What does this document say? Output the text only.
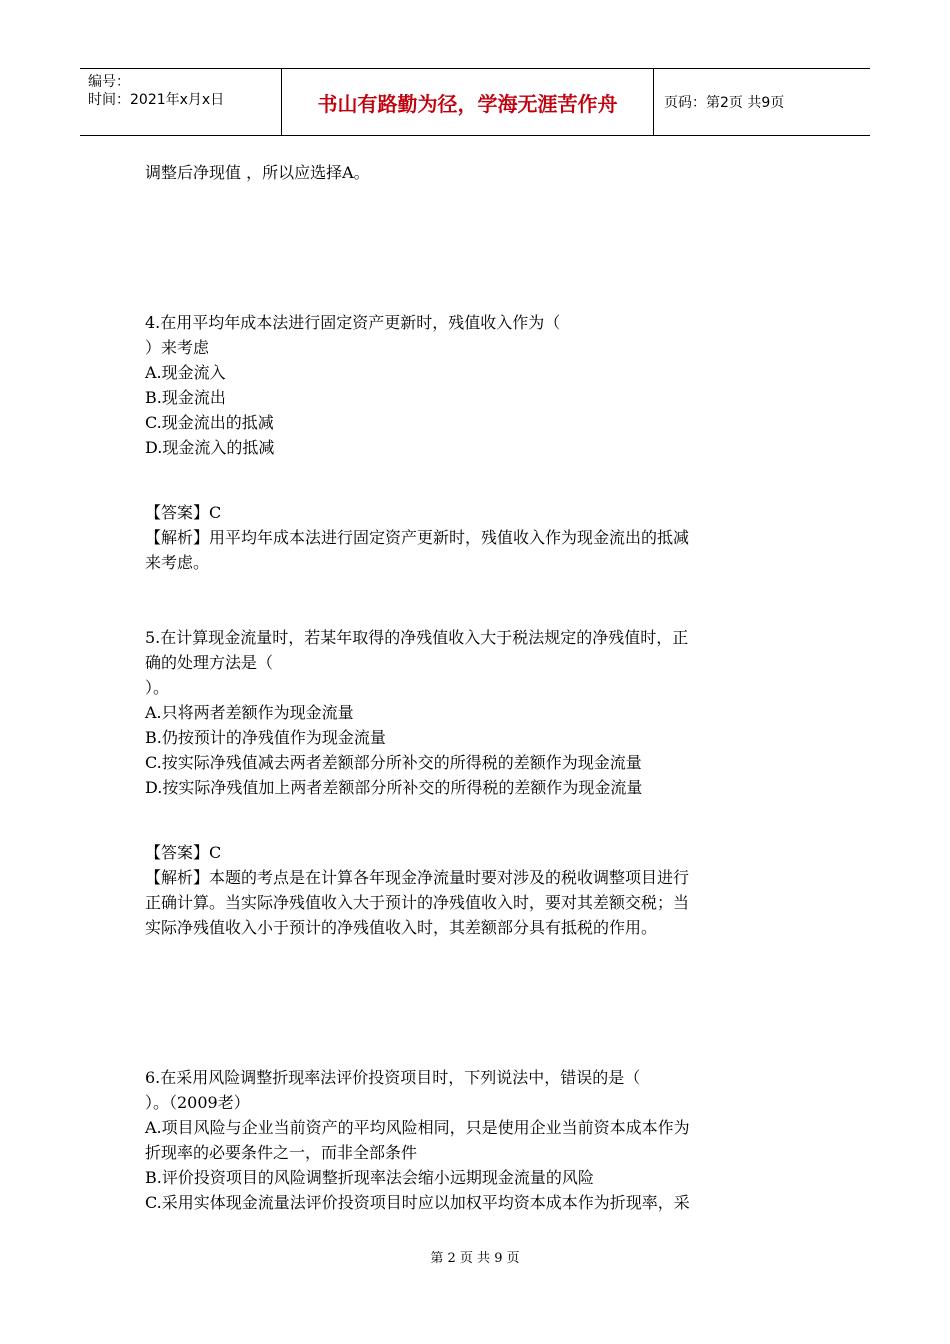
编号：
时间：2021年x月x日	书山有路勤为径，学海无涯苦作舟	页码：第2页 共9页
调整后净现值 ，所以应选择A。
4.在用平均年成本法进行固定资产更新时，残值收入作为（
）来考虑
A.现金流入
B.现金流出
C.现金流出的抵减
D.现金流入的抵减
【答案】C
【解析】用平均年成本法进行固定资产更新时，残值收入作为现金流出的抵减
来考虑。
5.在计算现金流量时，若某年取得的净残值收入大于税法规定的净残值时，正
确的处理方法是（
）。
A.只将两者差额作为现金流量
B.仍按预计的净残值作为现金流量
C.按实际净残值减去两者差额部分所补交的所得税的差额作为现金流量
D.按实际净残值加上两者差额部分所补交的所得税的差额作为现金流量
【答案】C
【解析】本题的考点是在计算各年现金净流量时要对涉及的税收调整项目进行
正确计算。当实际净残值收入大于预计的净残值收入时，要对其差额交税；当
实际净残值收入小于预计的净残值收入时，其差额部分具有抵税的作用。
6.在采用风险调整折现率法评价投资项目时，下列说法中，错误的是（
）。（2009老）
A.项目风险与企业当前资产的平均风险相同，只是使用企业当前资本成本作为
折现率的必要条件之一，而非全部条件
B.评价投资项目的风险调整折现率法会缩小远期现金流量的风险
C.采用实体现金流量法评价投资项目时应以加权平均资本成本作为折现率，采
第 2 页 共 9 页
